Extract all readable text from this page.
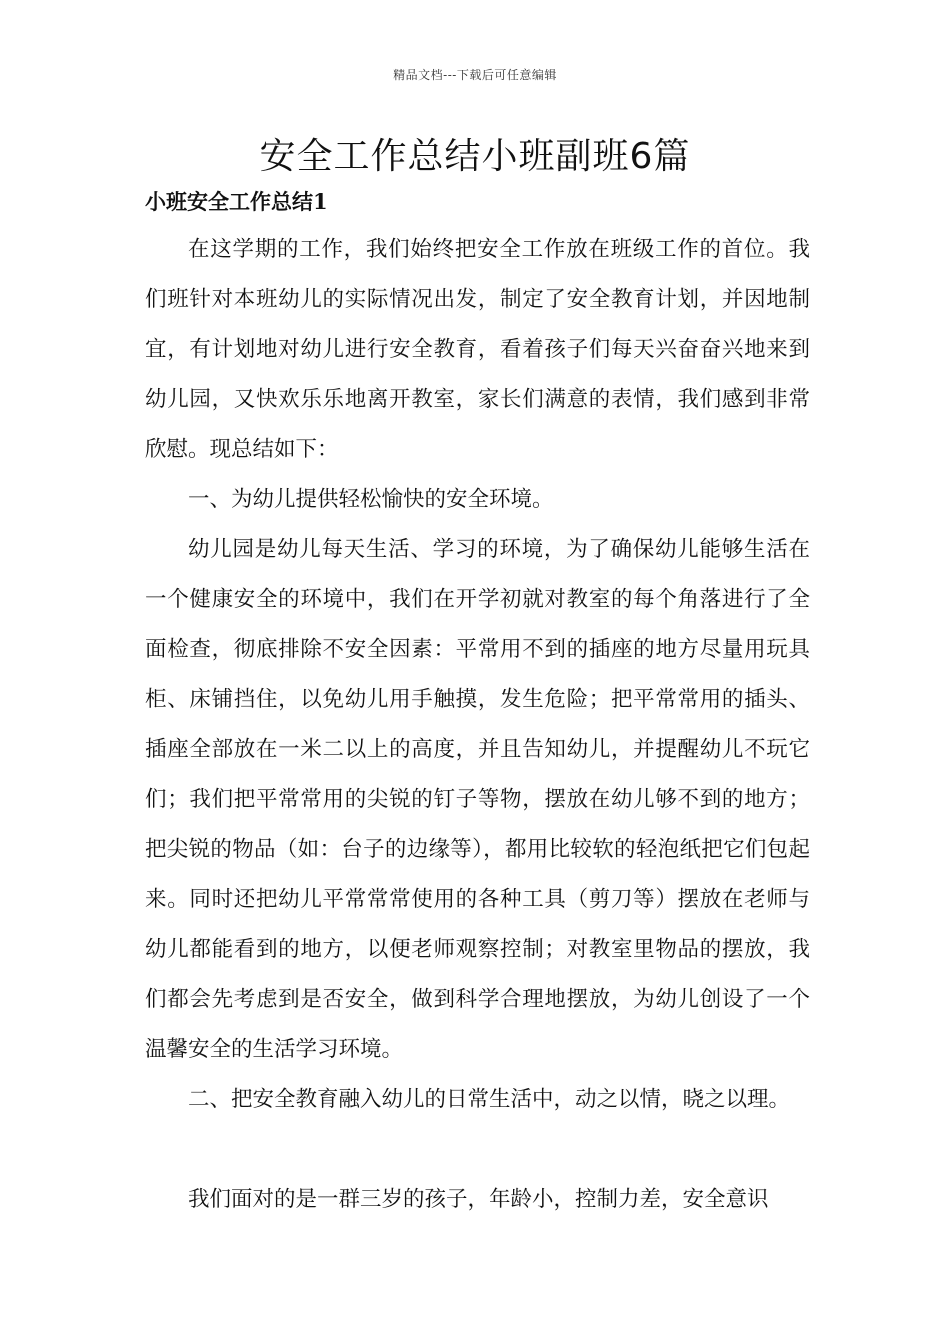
精品文档---下载后可任意编辑
安全工作总结小班副班6篇
小班安全工作总结1

在这学期的工作，我们始终把安全工作放在班级工作的首位。我们班针对本班幼儿的实际情况出发，制定了安全教育计划，并因地制宜，有计划地对幼儿进行安全教育，看着孩子们每天兴奋奋兴地来到幼儿园，又快欢乐乐地离开教室，家长们满意的表情，我们感到非常欣慰。现总结如下：

一、为幼儿提供轻松愉快的安全环境。

幼儿园是幼儿每天生活、学习的环境，为了确保幼儿能够生活在一个健康安全的环境中，我们在开学初就对教室的每个角落进行了全面检查，彻底排除不安全因素：平常用不到的插座的地方尽量用玩具柜、床铺挡住，以免幼儿用手触摸，发生危险；把平常常用的插头、插座全部放在一米二以上的高度，并且告知幼儿，并提醒幼儿不玩它们；我们把平常常用的尖锐的钉子等物，摆放在幼儿够不到的地方；把尖锐的物品（如：台子的边缘等），都用比较软的轻泡纸把它们包起来。同时还把幼儿平常常常使用的各种工具（剪刀等）摆放在老师与幼儿都能看到的地方，以便老师观察控制；对教室里物品的摆放，我们都会先考虑到是否安全，做到科学合理地摆放，为幼儿创设了一个温馨安全的生活学习环境。

二、把安全教育融入幼儿的日常生活中，动之以情，晓之以理。

我们面对的是一群三岁的孩子，年龄小，控制力差，安全意识
